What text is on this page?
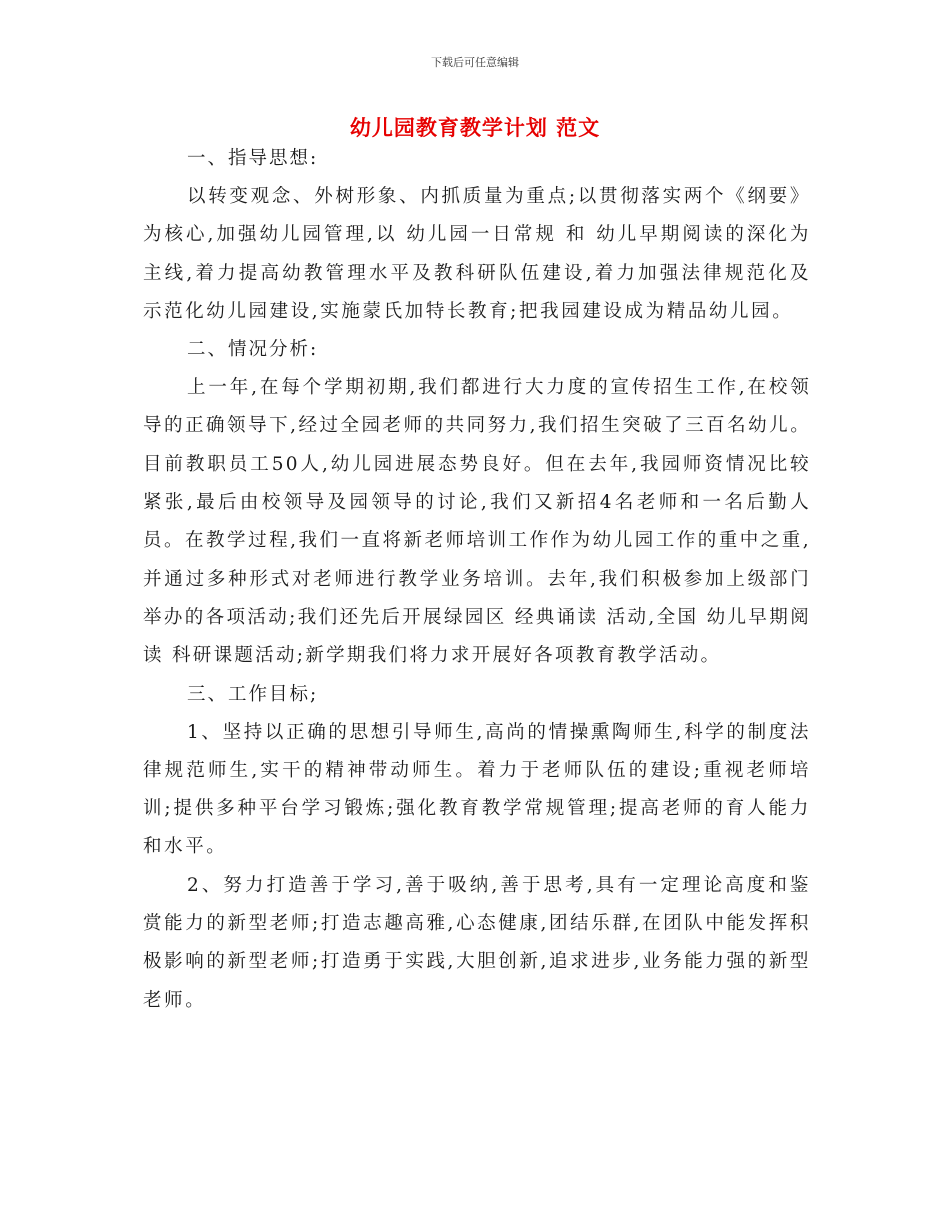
下载后可任意编辑
幼儿园教育教学计划 范文

一、指导思想:

以转变观念、外树形象、内抓质量为重点;以贯彻落实两个《纲要》为核心,加强幼儿园管理,以 幼儿园一日常规 和 幼儿早期阅读的深化为主线,着力提高幼教管理水平及教科研队伍建设,着力加强法律规范化及示范化幼儿园建设,实施蒙氏加特长教育;把我园建设成为精品幼儿园。

二、情况分析:

上一年,在每个学期初期,我们都进行大力度的宣传招生工作,在校领导的正确领导下,经过全园老师的共同努力,我们招生突破了三百名幼儿。目前教职员工50人,幼儿园进展态势良好。但在去年,我园师资情况比较紧张,最后由校领导及园领导的讨论,我们又新招4名老师和一名后勤人员。在教学过程,我们一直将新老师培训工作作为幼儿园工作的重中之重,并通过多种形式对老师进行教学业务培训。去年,我们积极参加上级部门举办的各项活动;我们还先后开展绿园区 经典诵读 活动,全国 幼儿早期阅读 科研课题活动;新学期我们将力求开展好各项教育教学活动。

三、工作目标;

1、坚持以正确的思想引导师生,高尚的情操熏陶师生,科学的制度法律规范师生,实干的精神带动师生。着力于老师队伍的建设;重视老师培训;提供多种平台学习锻炼;强化教育教学常规管理;提高老师的育人能力和水平。

2、努力打造善于学习,善于吸纳,善于思考,具有一定理论高度和鉴赏能力的新型老师;打造志趣高雅,心态健康,团结乐群,在团队中能发挥积极影响的新型老师;打造勇于实践,大胆创新,追求进步,业务能力强的新型老师。
